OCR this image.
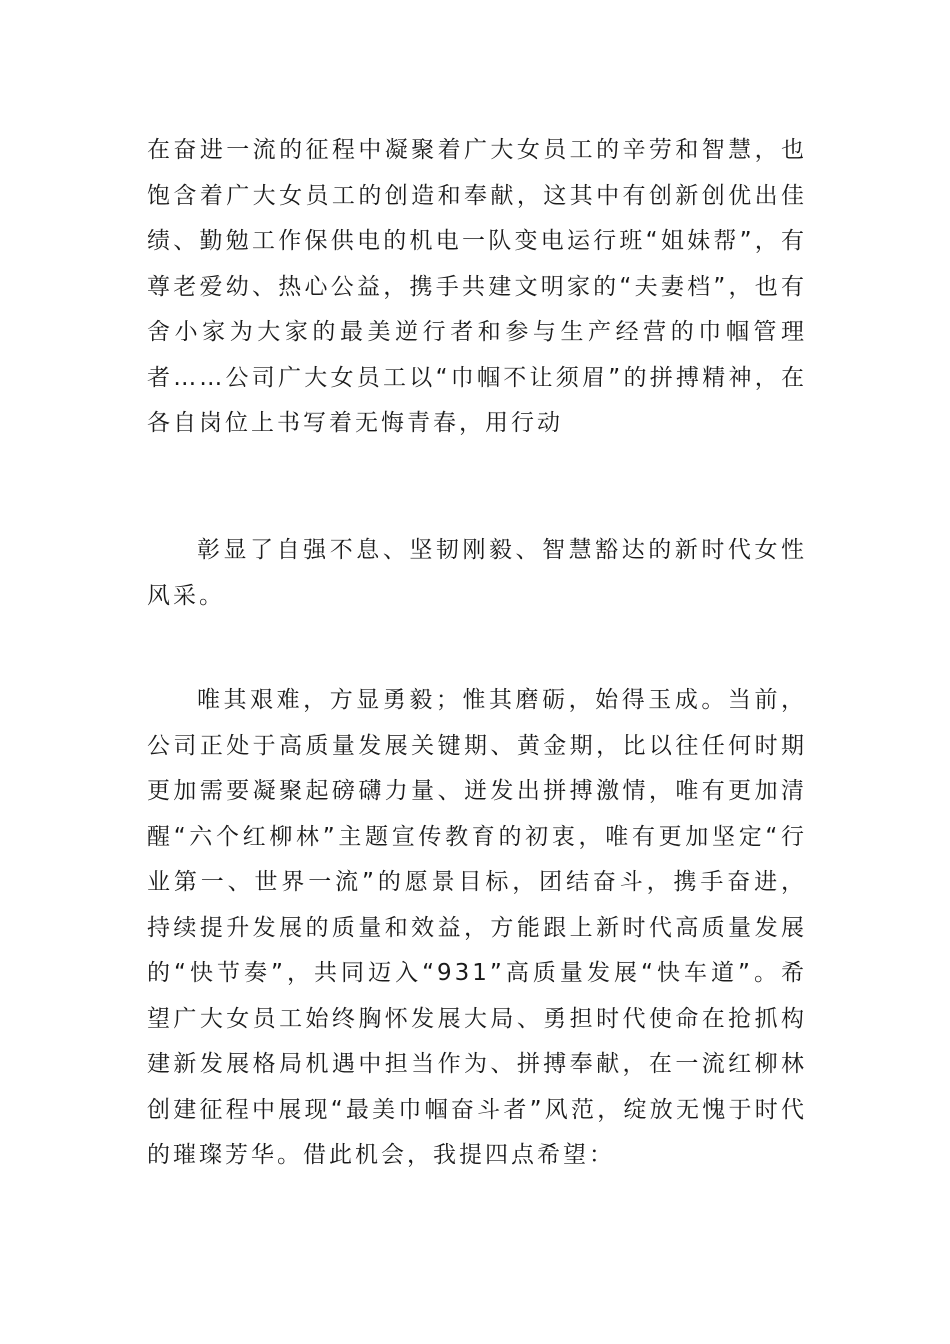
在奋进一流的征程中凝聚着广大女员工的辛劳和智慧，也饱含着广大女员工的创造和奉献，这其中有创新创优出佳绩、勤勉工作保供电的机电一队变电运行班“姐妹帮”，有尊老爱幼、热心公益，携手共建文明家的“夫妻档”，也有舍小家为大家的最美逆行者和参与生产经营的巾帼管理者……公司广大女员工以“巾帼不让须眉”的拼搏精神，在各自岗位上书写着无悔青春，用行动

彰显了自强不息、坚韧刚毅、智慧豁达的新时代女性风采。

唯其艰难，方显勇毅；惟其磨砺，始得玉成。当前，公司正处于高质量发展关键期、黄金期，比以往任何时期更加需要凝聚起磅礴力量、迸发出拼搏激情，唯有更加清醒“六个红柳林”主题宣传教育的初衷，唯有更加坚定“行业第一、世界一流”的愿景目标，团结奋斗，携手奋进，持续提升发展的质量和效益，方能跟上新时代高质量发展的“快节奏”，共同迈入“931”高质量发展“快车道”。希望广大女员工始终胸怀发展大局、勇担时代使命在抢抓构建新发展格局机遇中担当作为、拼搏奉献，在一流红柳林创建征程中展现“最美巾帼奋斗者”风范，绽放无愧于时代的璀璨芳华。借此机会，我提四点希望：
